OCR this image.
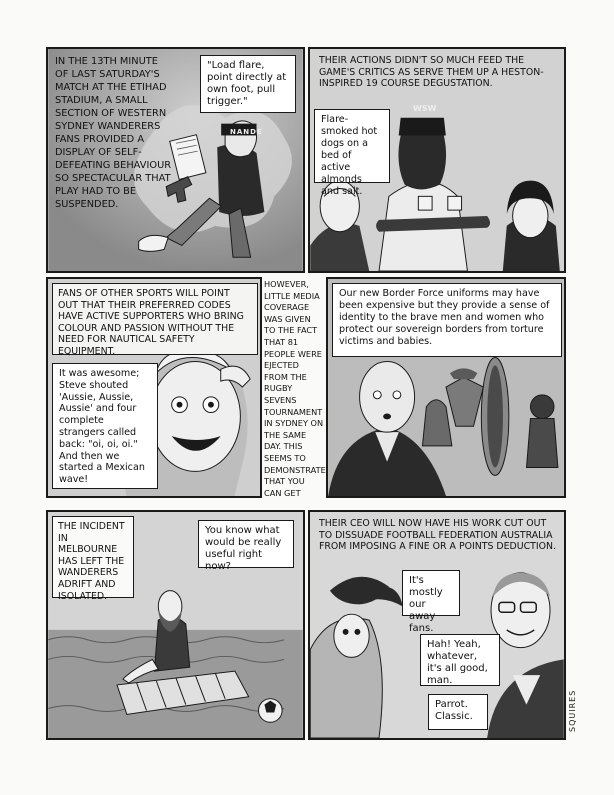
IN THE 13TH MINUTE OF LAST SATURDAY'S MATCH AT THE ETIHAD STADIUM, A SMALL SECTION OF WESTERN SYDNEY WANDERERS FANS PROVIDED A DISPLAY OF SELF-DEFEATING BEHAVIOUR SO SPECTACULAR THAT PLAY HAD TO BE SUSPENDED.
"Load flare, point directly at own foot, pull trigger."
NANDE
THEIR ACTIONS DIDN'T SO MUCH FEED THE GAME'S CRITICS AS SERVE THEM UP A HESTON-INSPIRED 19 COURSE DEGUSTATION.
Flare-smoked hot dogs on a bed of active almonds and salt.
WSW
FANS OF OTHER SPORTS WILL POINT OUT THAT THEIR PREFERRED CODES HAVE ACTIVE SUPPORTERS WHO BRING COLOUR AND PASSION WITHOUT THE NEED FOR NAUTICAL SAFETY EQUIPMENT.
It was awesome; Steve shouted 'Aussie, Aussie, Aussie' and four complete strangers called back: "oi, oi, oi." And then we started a Mexican wave!
HOWEVER, LITTLE MEDIA COVERAGE WAS GIVEN TO THE FACT THAT 81 PEOPLE WERE EJECTED FROM THE RUGBY SEVENS TOURNAMENT IN SYDNEY ON THE SAME DAY. THIS SEEMS TO DEMONSTRATE THAT YOU CAN GET
Our new Border Force uniforms may have been expensive but they provide a sense of identity to the brave men and women who protect our sovereign borders from torture victims and babies.
THE INCIDENT IN MELBOURNE HAS LEFT THE WANDERERS ADRIFT AND ISOLATED.
You know what would be really useful right now?
THEIR CEO WILL NOW HAVE HIS WORK CUT OUT TO DISSUADE FOOTBALL FEDERATION AUSTRALIA FROM IMPOSING A FINE OR A POINTS DEDUCTION.
It's mostly our away fans.
Hah! Yeah, whatever, it's all good, man.
Parrot. Classic.	SQUIRES
